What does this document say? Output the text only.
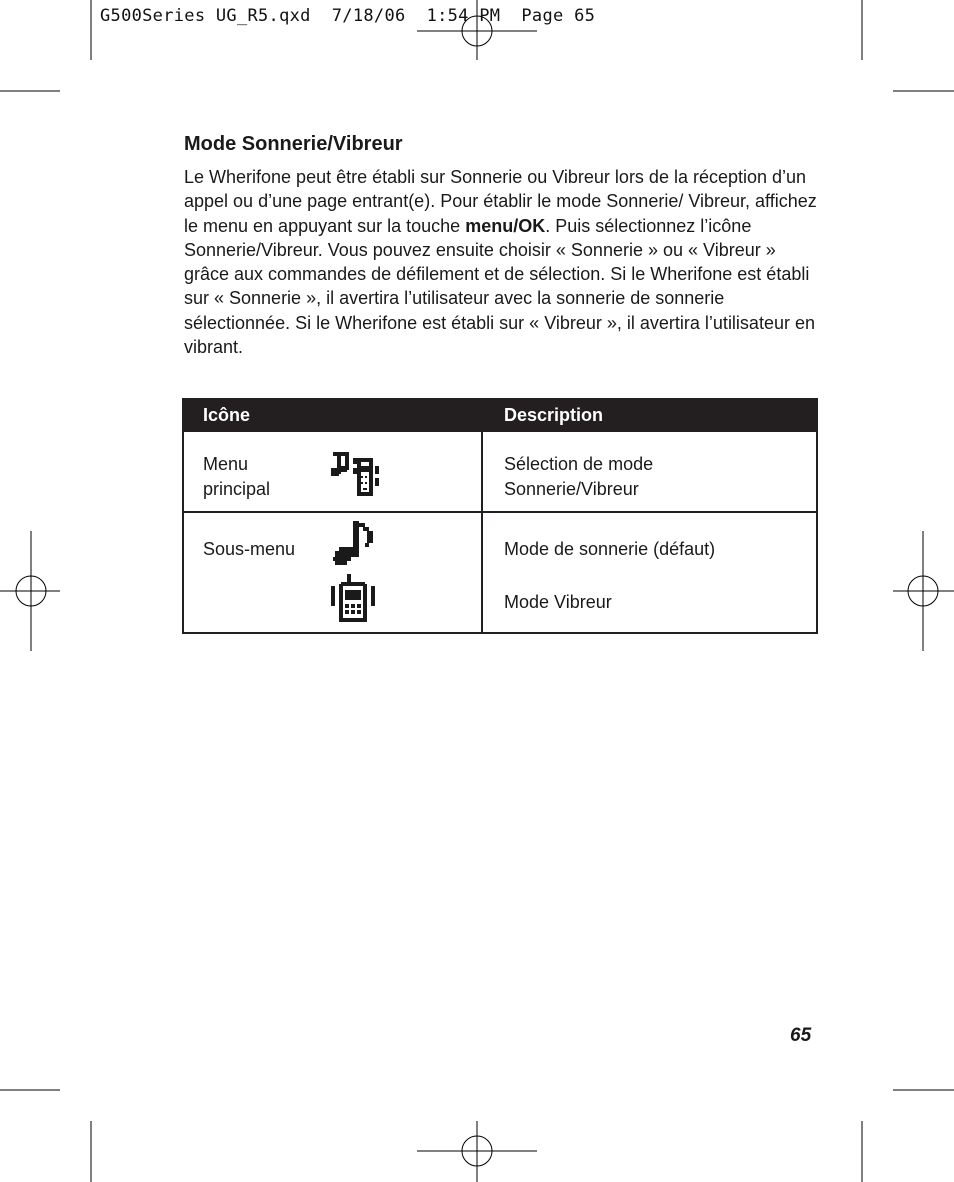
G500Series UG_R5.qxd  7/18/06  1:54 PM  Page 65
Mode Sonnerie/Vibreur

Le Wherifone peut être établi sur Sonnerie ou Vibreur lors de la réception d’un appel ou d’une page entrant(e). Pour établir le mode Sonnerie/ Vibreur, affichez le menu en appuyant sur la touche menu/OK. Puis sélectionnez l’icône Sonnerie/Vibreur. Vous pouvez ensuite choisir « Sonnerie » ou « Vibreur » grâce aux commandes de défilement et de sélection. Si le Wherifone est établi sur « Sonnerie », il avertira l’utilisateur avec la sonnerie de sonnerie sélectionnée. Si le Wherifone est établi sur « Vibreur », il avertira l’utilisateur en vibrant.

Icône	Description
Menu
principal
Sélection de mode
Sonnerie/Vibreur
Sous-menu	Mode de sonnerie (défaut)
Mode Vibreur
65
